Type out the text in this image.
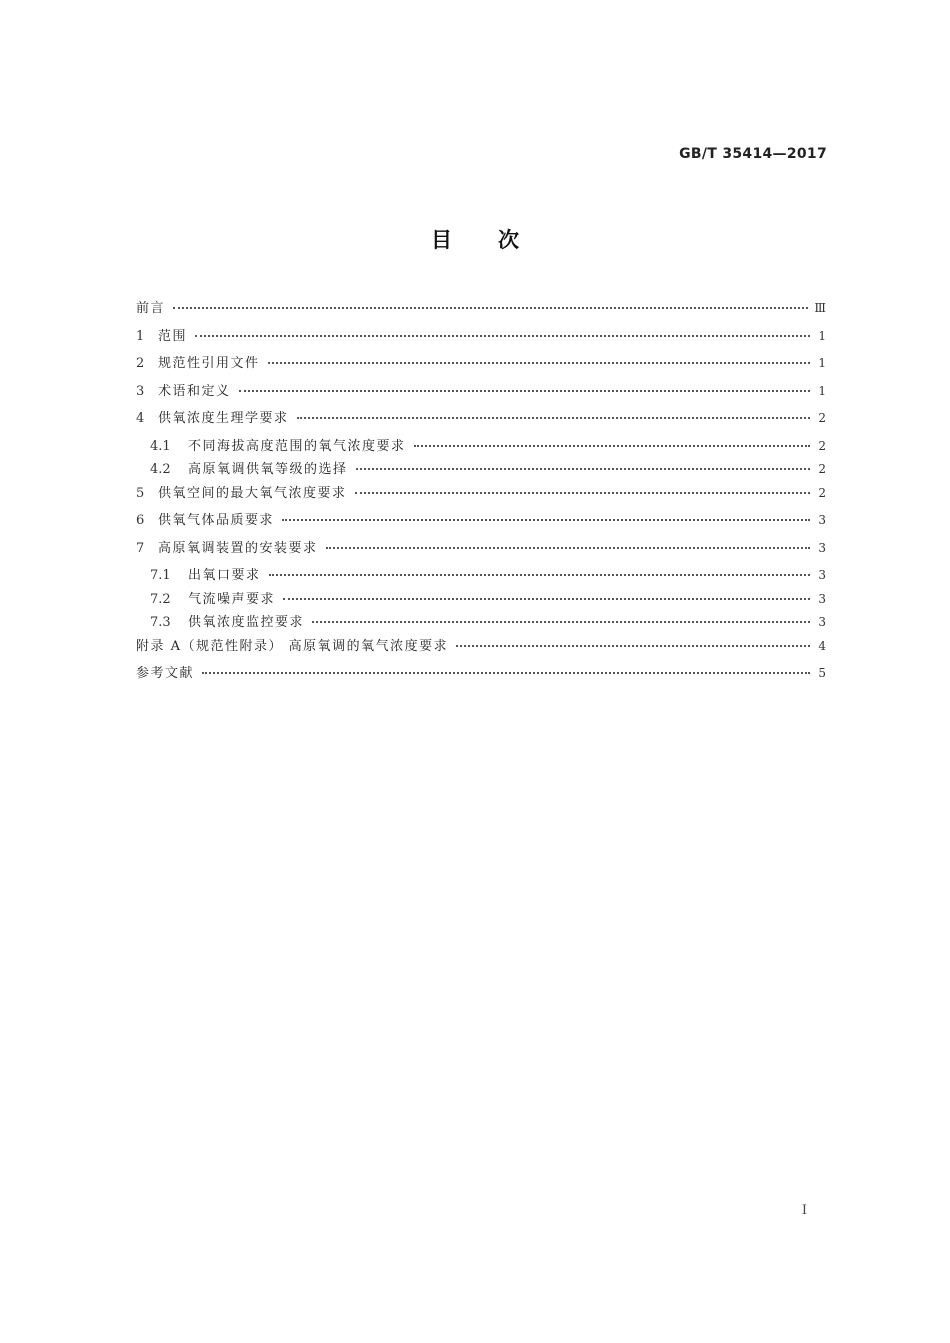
GB/T 35414—2017
目次
前言	Ⅲ
1	范围	1
2	规范性引用文件	1
3	术语和定义	1
4	供氧浓度生理学要求	2
4.1	不同海拔高度范围的氧气浓度要求	2
4.2	高原氧调供氧等级的选择	2
5	供氧空间的最大氧气浓度要求	2
6	供氧气体品质要求	3
7	高原氧调装置的安装要求	3
7.1	出氧口要求	3
7.2	气流噪声要求	3
7.3	供氧浓度监控要求	3
附录 A（规范性附录） 高原氧调的氧气浓度要求	4
参考文献	5
I
